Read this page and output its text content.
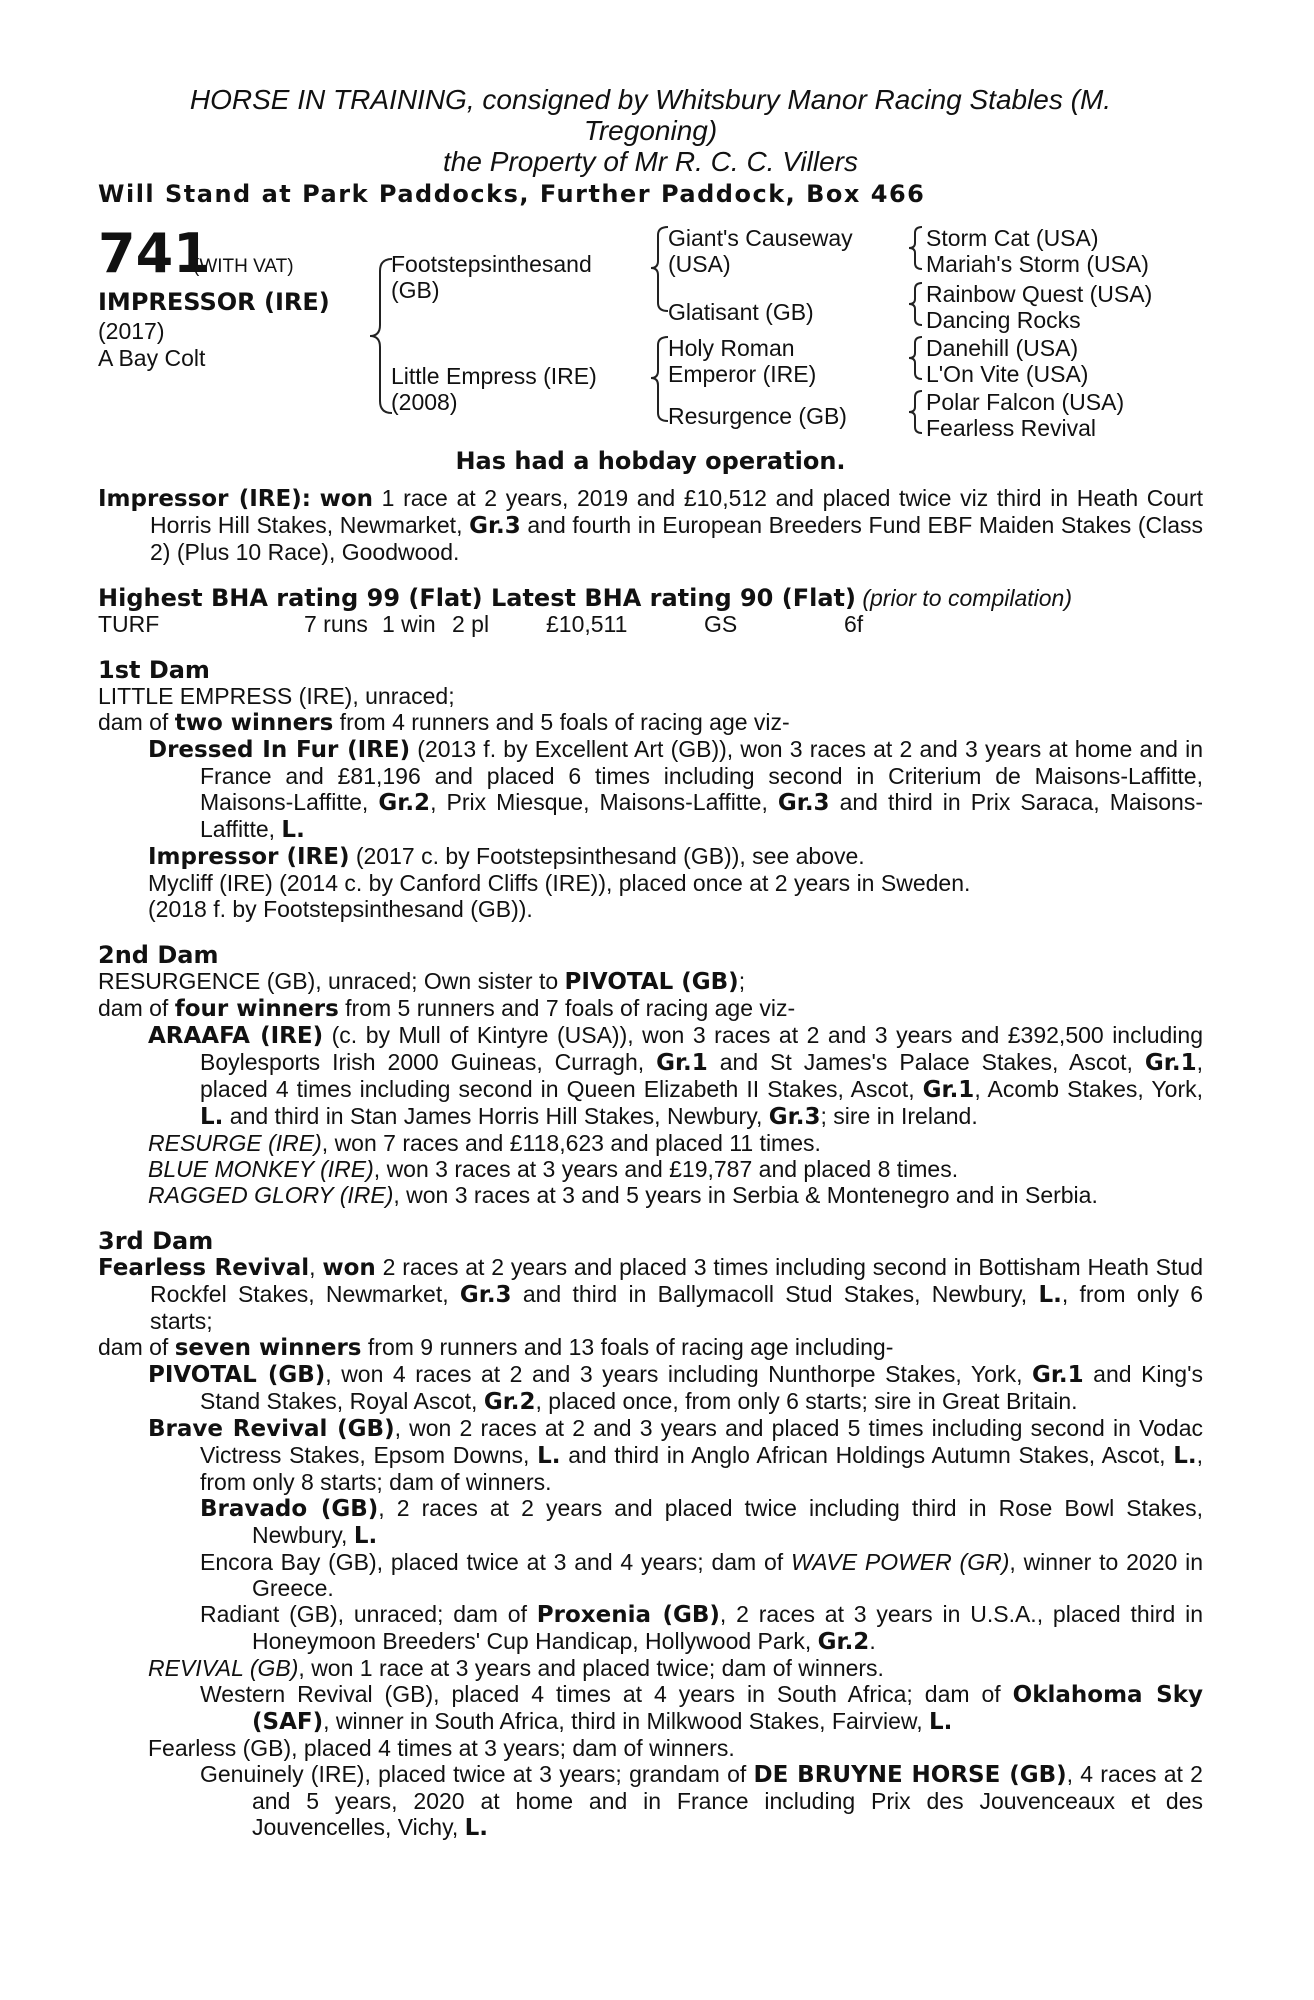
HORSE IN TRAINING, consigned by Whitsbury Manor Racing Stables (M.
Tregoning)
the Property of Mr R. C. C. Villers
Will Stand at Park Paddocks, Further Paddock, Box 466
741
(WITH VAT)
IMPRESSOR (IRE)
(2017)
A Bay Colt
Footstepsinthesand
(GB)
Little Empress (IRE)
(2008)
Giant's Causeway
(USA)
Glatisant (GB)
Holy Roman
Emperor (IRE)
Resurgence (GB)
Storm Cat (USA)
Mariah's Storm (USA)
Rainbow Quest (USA)
Dancing Rocks
Danehill (USA)
L'On Vite (USA)
Polar Falcon (USA)
Fearless Revival
Has had a hobday operation.
Impressor (IRE): won 1 race at 2 years, 2019 and £10,512 and placed twice viz third in Heath Court Horris Hill Stakes, Newmarket, Gr.3 and fourth in European Breeders Fund EBF Maiden Stakes (Class 2) (Plus 10 Race), Goodwood.
Highest BHA rating 99 (Flat) Latest BHA rating 90 (Flat) (prior to compilation)
TURF	7 runs 1 win 2 pl £10,511	GS	6f
1st Dam
LITTLE EMPRESS (IRE), unraced;
dam of two winners from 4 runners and 5 foals of racing age viz-
Dressed In Fur (IRE) (2013 f. by Excellent Art (GB)), won 3 races at 2 and 3 years at home and in France and £81,196 and placed 6 times including second in Criterium de Maisons-Laffitte, Maisons-Laffitte, Gr.2, Prix Miesque, Maisons-Laffitte, Gr.3 and third in Prix Saraca, Maisons-Laffitte, L.
Impressor (IRE) (2017 c. by Footstepsinthesand (GB)), see above.
Mycliff (IRE) (2014 c. by Canford Cliffs (IRE)), placed once at 2 years in Sweden.
(2018 f. by Footstepsinthesand (GB)).
2nd Dam
RESURGENCE (GB), unraced; Own sister to PIVOTAL (GB);
dam of four winners from 5 runners and 7 foals of racing age viz-
ARAAFA (IRE) (c. by Mull of Kintyre (USA)), won 3 races at 2 and 3 years and £392,500 including Boylesports Irish 2000 Guineas, Curragh, Gr.1 and St James's Palace Stakes, Ascot, Gr.1, placed 4 times including second in Queen Elizabeth II Stakes, Ascot, Gr.1, Acomb Stakes, York, L. and third in Stan James Horris Hill Stakes, Newbury, Gr.3; sire in Ireland.
RESURGE (IRE), won 7 races and £118,623 and placed 11 times.
BLUE MONKEY (IRE), won 3 races at 3 years and £19,787 and placed 8 times.
RAGGED GLORY (IRE), won 3 races at 3 and 5 years in Serbia & Montenegro and in Serbia.
3rd Dam
Fearless Revival, won 2 races at 2 years and placed 3 times including second in Bottisham Heath Stud Rockfel Stakes, Newmarket, Gr.3 and third in Ballymacoll Stud Stakes, Newbury, L., from only 6 starts;
dam of seven winners from 9 runners and 13 foals of racing age including-
PIVOTAL (GB), won 4 races at 2 and 3 years including Nunthorpe Stakes, York, Gr.1 and King's Stand Stakes, Royal Ascot, Gr.2, placed once, from only 6 starts; sire in Great Britain.
Brave Revival (GB), won 2 races at 2 and 3 years and placed 5 times including second in Vodac Victress Stakes, Epsom Downs, L. and third in Anglo African Holdings Autumn Stakes, Ascot, L., from only 8 starts; dam of winners.
Bravado (GB), 2 races at 2 years and placed twice including third in Rose Bowl Stakes, Newbury, L.
Encora Bay (GB), placed twice at 3 and 4 years; dam of WAVE POWER (GR), winner to 2020 in Greece.
Radiant (GB), unraced; dam of Proxenia (GB), 2 races at 3 years in U.S.A., placed third in Honeymoon Breeders' Cup Handicap, Hollywood Park, Gr.2.
REVIVAL (GB), won 1 race at 3 years and placed twice; dam of winners.
Western Revival (GB), placed 4 times at 4 years in South Africa; dam of Oklahoma Sky (SAF), winner in South Africa, third in Milkwood Stakes, Fairview, L.
Fearless (GB), placed 4 times at 3 years; dam of winners.
Genuinely (IRE), placed twice at 3 years; grandam of DE BRUYNE HORSE (GB), 4 races at 2 and 5 years, 2020 at home and in France including Prix des Jouvenceaux et des Jouvencelles, Vichy, L.
